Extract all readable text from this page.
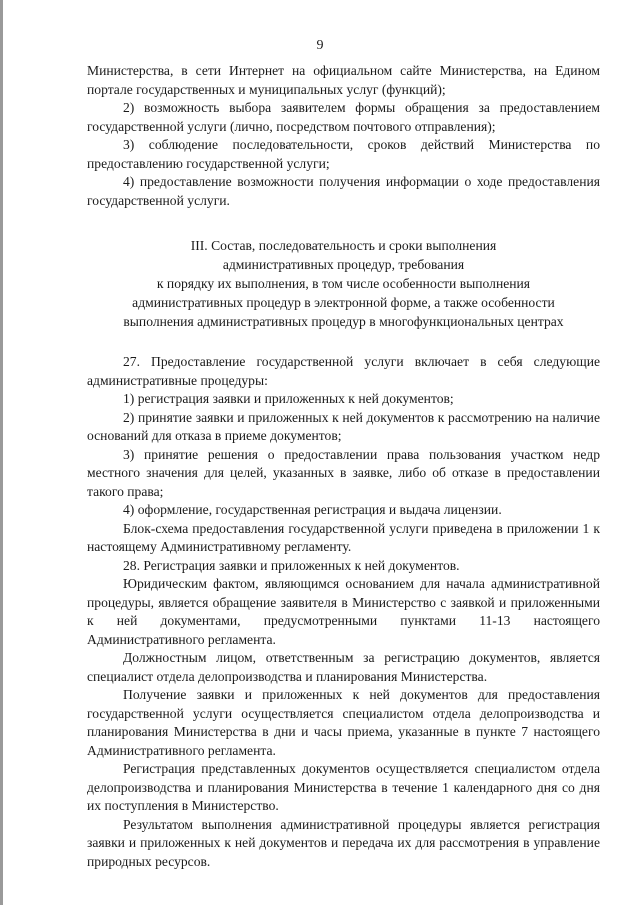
9

Министерства, в сети Интернет на официальном сайте Министерства, на Едином портале государственных и муниципальных услуг (функций);

2) возможность выбора заявителем формы обращения за предоставлением государственной услуги (лично, посредством почтового отправления);

3) соблюдение последовательности, сроков действий Министерства по предоставлению государственной услуги;

4) предоставление возможности получения информации о ходе предоставления государственной услуги.

III. Состав, последовательность и сроки выполнения
административных процедур, требования
к порядку их выполнения, в том числе особенности выполнения
административных процедур в электронной форме, а также особенности
выполнения административных процедур в многофункциональных центрах

27. Предоставление государственной услуги включает в себя следующие административные процедуры:

1) регистрация заявки и приложенных к ней документов;

2) принятие заявки и приложенных к ней документов к рассмотрению на наличие оснований для отказа в приеме документов;

3) принятие решения о предоставлении права пользования участком недр местного значения для целей, указанных в заявке, либо об отказе в предоставлении такого права;

4) оформление, государственная регистрация и выдача лицензии.

Блок-схема предоставления государственной услуги приведена в приложении 1 к настоящему Административному регламенту.

28. Регистрация заявки и приложенных к ней документов.

Юридическим фактом, являющимся основанием для начала административной процедуры, является обращение заявителя в Министерство с заявкой и приложенными к ней документами, предусмотренными пунктами 11-13 настоящего Административного регламента.

Должностным лицом, ответственным за регистрацию документов, является специалист отдела делопроизводства и планирования Министерства.

Получение заявки и приложенных к ней документов для предоставления государственной услуги осуществляется специалистом отдела делопроизводства и планирования Министерства в дни и часы приема, указанные в пункте 7 настоящего Административного регламента.

Регистрация представленных документов осуществляется специалистом отдела делопроизводства и планирования Министерства в течение 1 календарного дня со дня их поступления в Министерство.

Результатом выполнения административной процедуры является регистрация заявки и приложенных к ней документов и передача их для рассмотрения в управление природных ресурсов.
